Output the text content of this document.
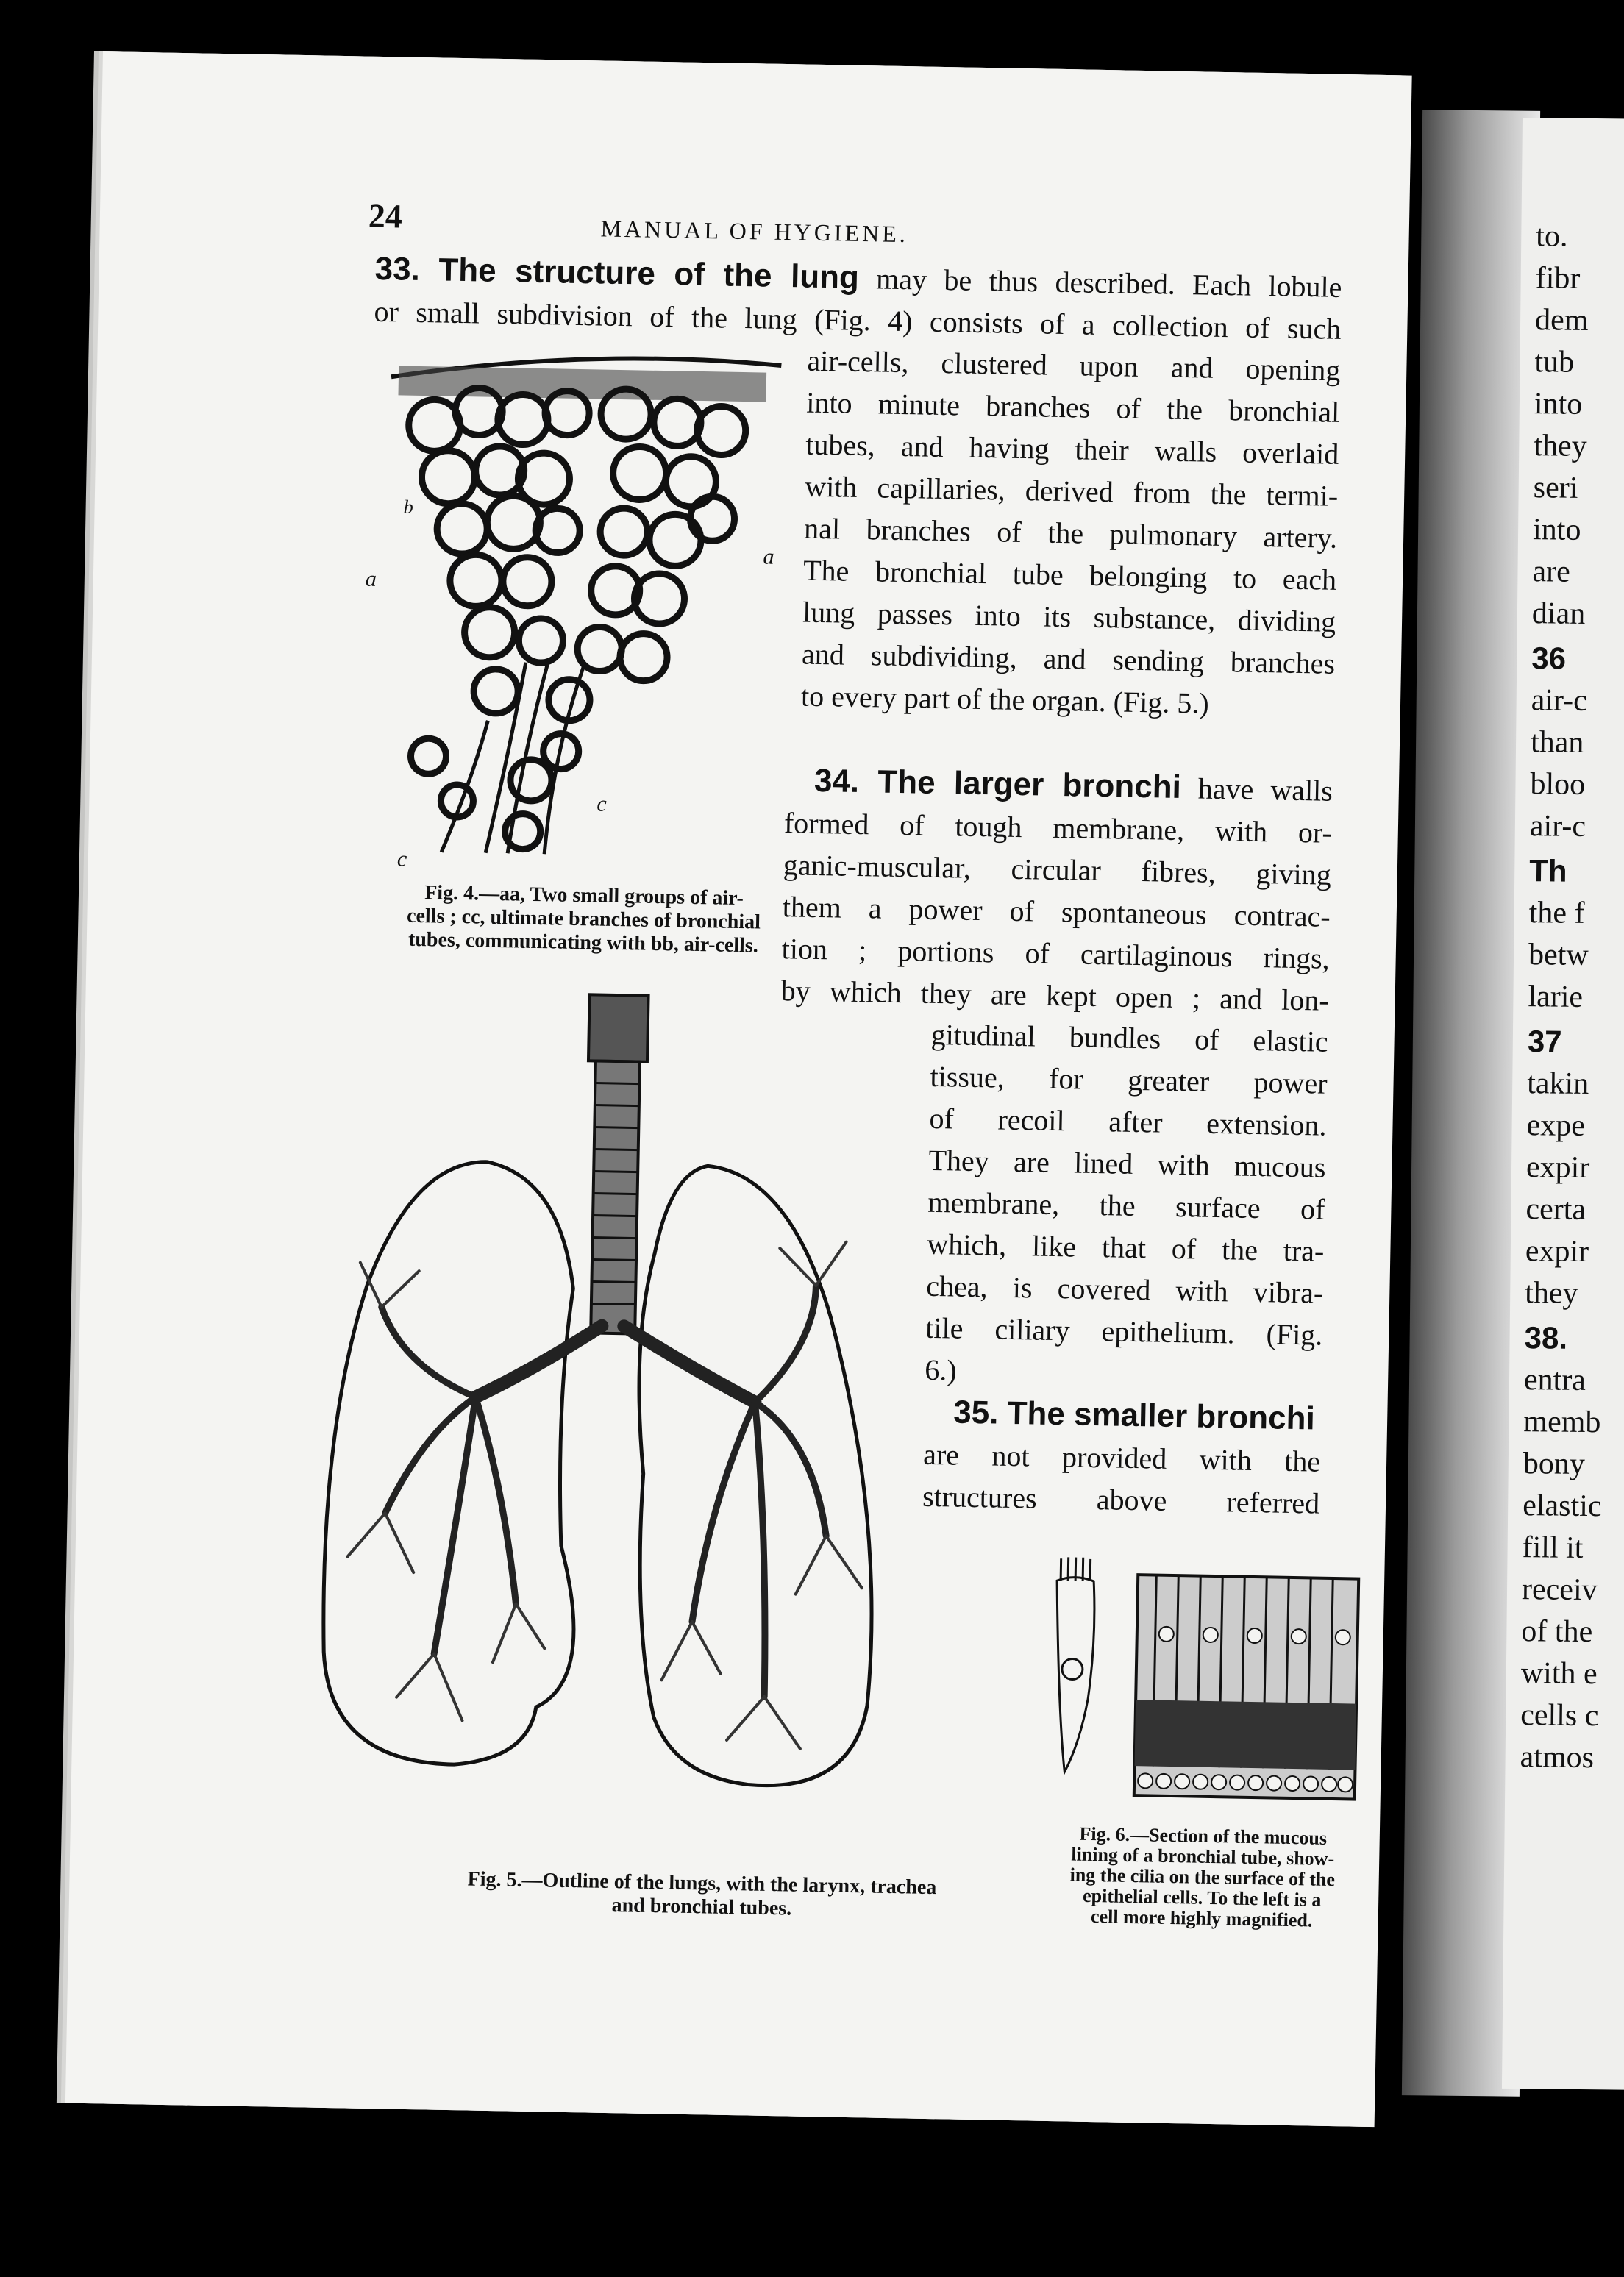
to.
fibr
dem
tub
into
they
seri
into
are
dian
36
air-c
than
bloo
air-c
Th
the f
betw
larie
37
takin
expe
expir
certa
expir
they
38.
entra
memb
bony
elastic
fill it
receiv
of the
with e
cells c
atmos
24	MANUAL OF HYGIENE.
33. The structure of the lung may be thus described. Each lobule
or small subdivision of the lung (Fig. 4) consists of a collection of such
air-cells, clustered upon and opening
into minute branches of the bronchial
tubes, and having their walls overlaid
with capillaries, derived from the termi-
nal branches of the pulmonary artery.
The bronchial tube belonging to each
lung passes into its substance, dividing
and subdividing, and sending branches
to every part of the organ. (Fig. 5.)
34. The larger bronchi have walls
formed of tough membrane, with or-
ganic-muscular, circular fibres, giving
them a power of spontaneous contrac-
tion ; portions of cartilaginous rings,
by which they are kept open ; and lon-
gitudinal bundles of elastic
tissue, for greater power
of recoil after extension.
They are lined with mucous
membrane, the surface of
which, like that of the tra-
chea, is covered with vibra-
tile ciliary epithelium. (Fig.
6.)
35. The smaller bronchi
are not provided with the
structures above referred
a
a
b
c
c
Fig. 4.—aa, Two small groups of air-
cells ; cc, ultimate branches of bronchial
tubes, communicating with bb, air-cells.
Fig. 5.—Outline of the lungs, with the larynx, trachea
and bronchial tubes.
Fig. 6.—Section of the mucous
lining of a bronchial tube, show-
ing the cilia on the surface of the
epithelial cells. To the left is a
cell more highly magnified.
